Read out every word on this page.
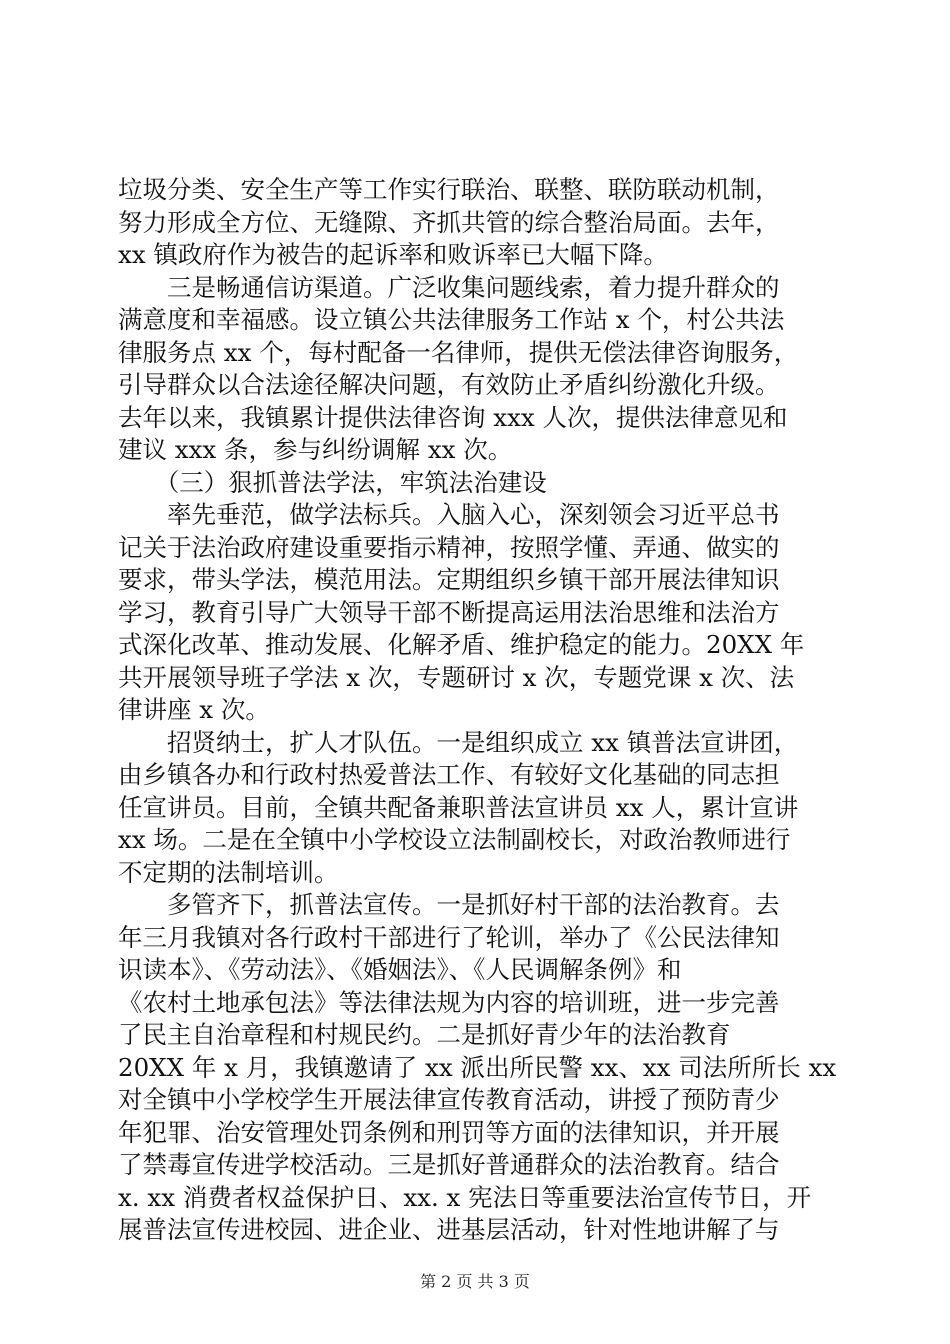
垃圾分类、安全生产等工作实行联治、联整、联防联动机制，
努力形成全方位、无缝隙、齐抓共管的综合整治局面。去年，
xx 镇政府作为被告的起诉率和败诉率已大幅下降。
　　三是畅通信访渠道。广泛收集问题线索，着力提升群众的
满意度和幸福感。设立镇公共法律服务工作站 x 个，村公共法
律服务点 xx 个，每村配备一名律师，提供无偿法律咨询服务，
引导群众以合法途径解决问题，有效防止矛盾纠纷激化升级。
去年以来，我镇累计提供法律咨询 xxx 人次，提供法律意见和
建议 xxx 条，参与纠纷调解 xx 次。
　　（三）狠抓普法学法，牢筑法治建设
　　率先垂范，做学法标兵。入脑入心，深刻领会习近平总书
记关于法治政府建设重要指示精神，按照学懂、弄通、做实的
要求，带头学法，模范用法。定期组织乡镇干部开展法律知识
学习，教育引导广大领导干部不断提高运用法治思维和法治方
式深化改革、推动发展、化解矛盾、维护稳定的能力。20XX 年
共开展领导班子学法 x 次，专题研讨 x 次，专题党课 x 次、法
律讲座 x 次。
　　招贤纳士，扩人才队伍。一是组织成立 xx 镇普法宣讲团，
由乡镇各办和行政村热爱普法工作、有较好文化基础的同志担
任宣讲员。目前，全镇共配备兼职普法宣讲员 xx 人，累计宣讲
xx 场。二是在全镇中小学校设立法制副校长，对政治教师进行
不定期的法制培训。
　　多管齐下，抓普法宣传。一是抓好村干部的法治教育。去
年三月我镇对各行政村干部进行了轮训，举办了《公民法律知
识读本》、《劳动法》、《婚姻法》、《人民调解条例》和
《农村土地承包法》等法律法规为内容的培训班，进一步完善
了民主自治章程和村规民约。二是抓好青少年的法治教育
20XX 年 x 月，我镇邀请了 xx 派出所民警 xx、xx 司法所所长 xx
对全镇中小学校学生开展法律宣传教育活动，讲授了预防青少
年犯罪、治安管理处罚条例和刑罚等方面的法律知识，并开展
了禁毒宣传进学校活动。三是抓好普通群众的法治教育。结合
x. xx 消费者权益保护日、xx. x 宪法日等重要法治宣传节日，开
展普法宣传进校园、进企业、进基层活动，针对性地讲解了与
第 2 页 共 3 页
